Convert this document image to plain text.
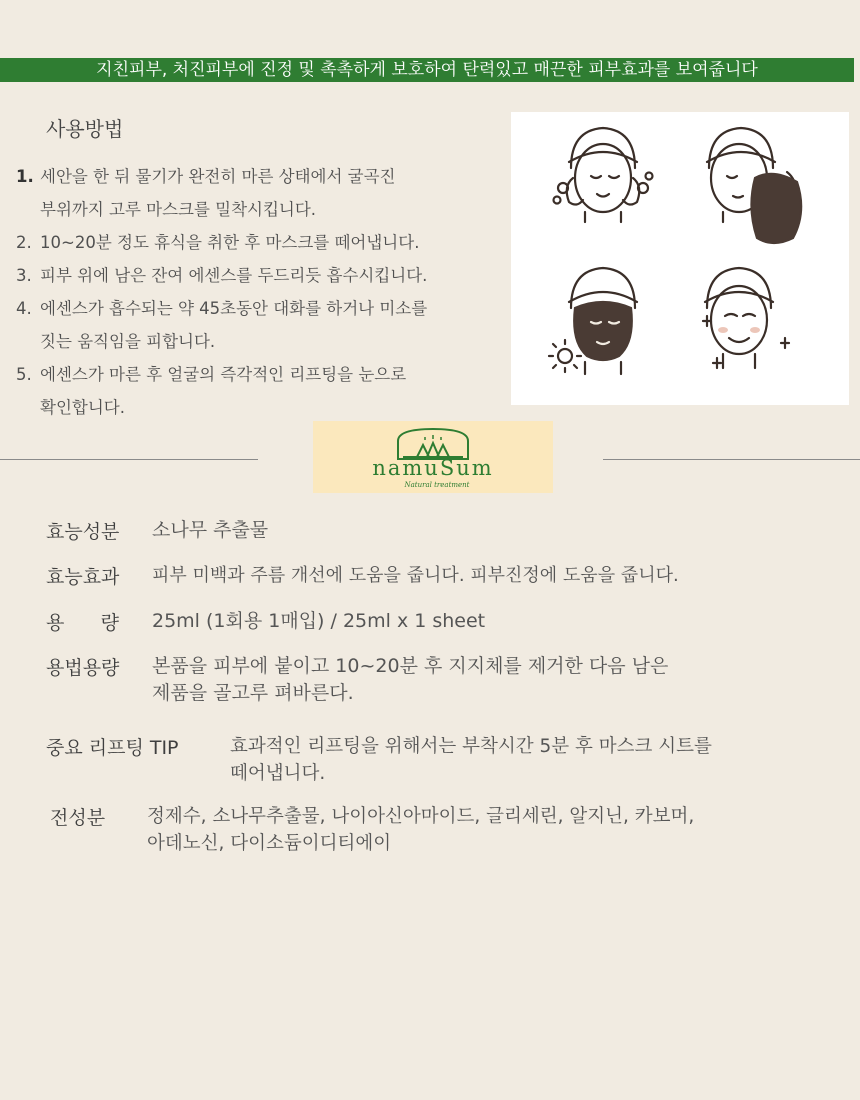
지친피부, 처진피부에 진정 및 촉촉하게 보호하여 탄력있고 매끈한 피부효과를 보여줍니다
사용방법
1. 세안을 한 뒤 물기가 완전히 마른 상태에서 굴곡진
부위까지 고루 마스크를 밀착시킵니다.
2. 10~20분 정도 휴식을 취한 후 마스크를 떼어냅니다.
3. 피부 위에 남은 잔여 에센스를 두드리듯 흡수시킵니다.
4. 에센스가 흡수되는 약 45초동안 대화를 하거나 미소를
짓는 움직임을 피합니다.
5. 에센스가 마른 후 얼굴의 즉각적인 리프팅을 눈으로
확인합니다.
namuSum
Natural treatment
효능성분	소나무 추출물
효능효과	피부 미백과 주름 개선에 도움을 줍니다. 피부진정에 도움을 줍니다.
용      량	25ml (1회용 1매입) / 25ml x 1 sheet
용법용량	본품을 피부에 붙이고 10~20분 후 지지체를 제거한 다음 남은
제품을 골고루 펴바른다.
중요 리프팅 TIP	효과적인 리프팅을 위해서는 부착시간 5분 후 마스크 시트를
떼어냅니다.
전성분	정제수, 소나무추출물, 나이아신아마이드, 글리세린, 알지닌, 카보머,
아데노신, 다이소듐이디티에이
